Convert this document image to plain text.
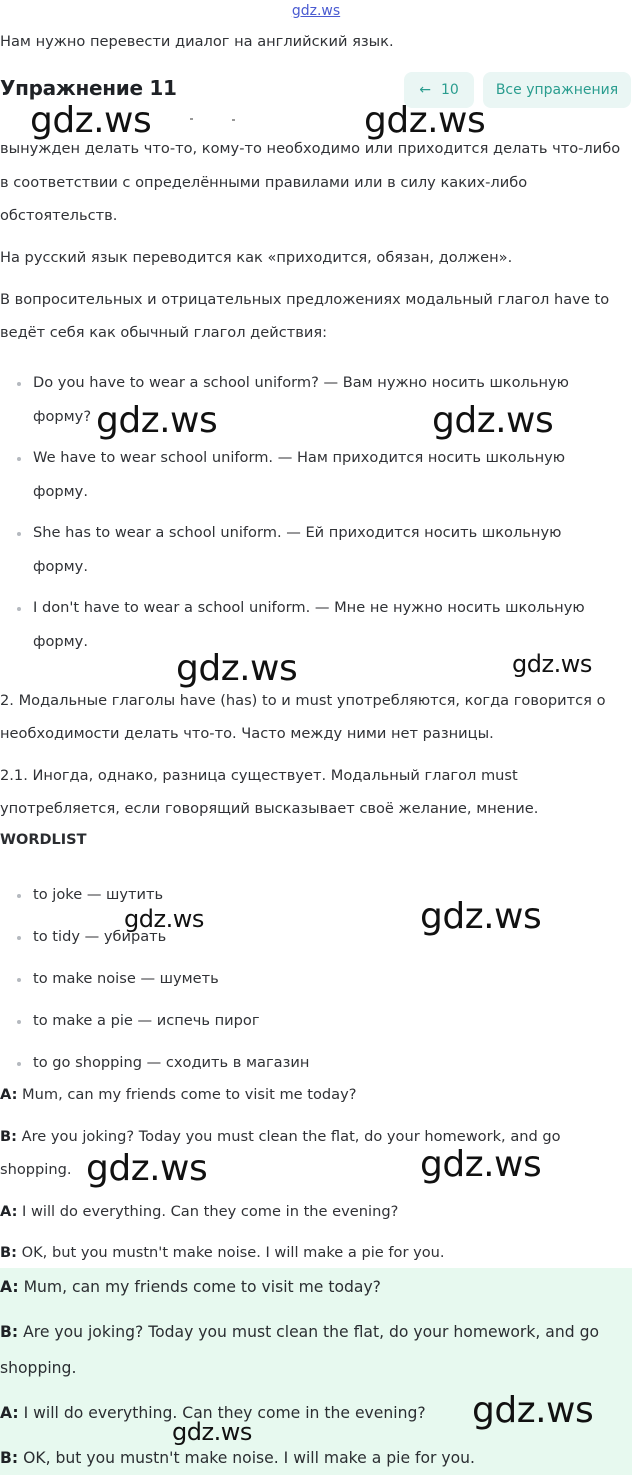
gdz.ws
Нам нужно перевести диалог на английский язык.
Упражнение 11	← 10	Все упражнения
вынужден делать что-то, кому-то необходимо или приходится делать что-либо
в соответствии с определёнными правилами или в силу каких-либо
обстоятельств.
На русский язык переводится как «приходится, обязан, должен».
В вопросительных и отрицательных предложениях модальный глагол have to
ведёт себя как обычный глагол действия:
Do you have to wear a school uniform? — Вам нужно носить школьную
форму?
We have to wear school uniform. — Нам приходится носить школьную
форму.
She has to wear a school uniform. — Ей приходится носить школьную
форму.
I don't have to wear a school uniform. — Мне не нужно носить школьную
форму.
2. Модальные глаголы have (has) to и must употребляются, когда говорится о
необходимости делать что-то. Часто между ними нет разницы.
2.1. Иногда, однако, разница существует. Модальный глагол must
употребляется, если говорящий высказывает своё желание, мнение.
WORDLIST
to joke — шутить
to tidy — убирать
to make noise — шуметь
to make a pie — испечь пирог
to go shopping — сходить в магазин
A: Mum, can my friends come to visit me today?
B: Are you joking? Today you must clean the flat, do your homework, and go
shopping.
A: I will do everything. Can they come in the evening?
B: OK, but you mustn't make noise. I will make a pie for you.
A: Mum, can my friends come to visit me today?
B: Are you joking? Today you must clean the flat, do your homework, and go
shopping.
A: I will do everything. Can they come in the evening?
B: OK, but you mustn't make noise. I will make a pie for you.
gdz.ws	gdz.ws
gdz.ws	gdz.ws
gdz.ws	gdz.ws
gdz.ws	gdz.ws
gdz.ws	gdz.ws
gdz.ws
gdz.ws
